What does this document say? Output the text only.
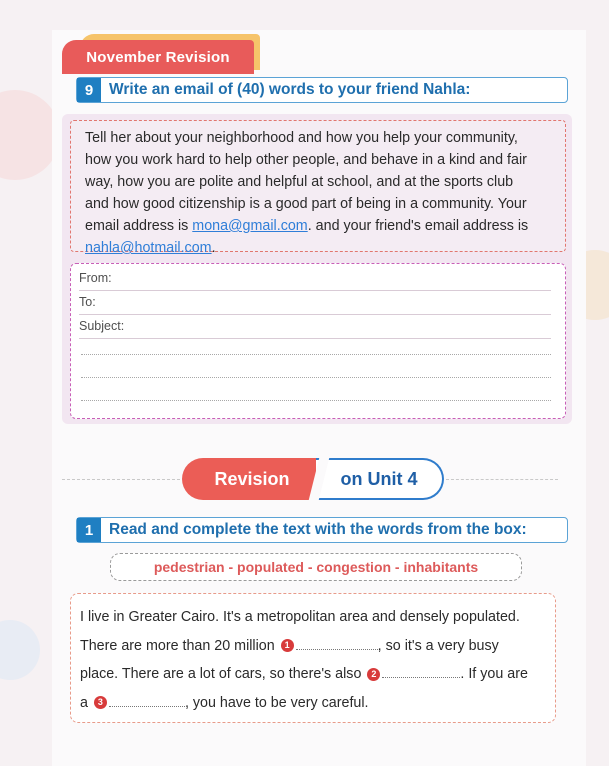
November Revision
9	Write an email of (40) words to your friend Nahla:
Tell her about your neighborhood and how you help your community,
how you work hard to help other people, and behave in a kind and fair
way, how you are polite and helpful at school, and at the sports club
and how good citizenship is a good part of being in a community. Your
email address is mona@gmail.com. and your friend's email address is
nahla@hotmail.com.
From:
To:
Subject:
Revision	on Unit 4
1	Read and complete the text with the words from the box:
pedestrian - populated - congestion - inhabitants
I live in Greater Cairo. It's a metropolitan area and densely populated.
There are more than 20 million 1	, so it's a very busy
place. There are a lot of cars, so there's also 2	. If you are
a 3	, you have to be very careful.
